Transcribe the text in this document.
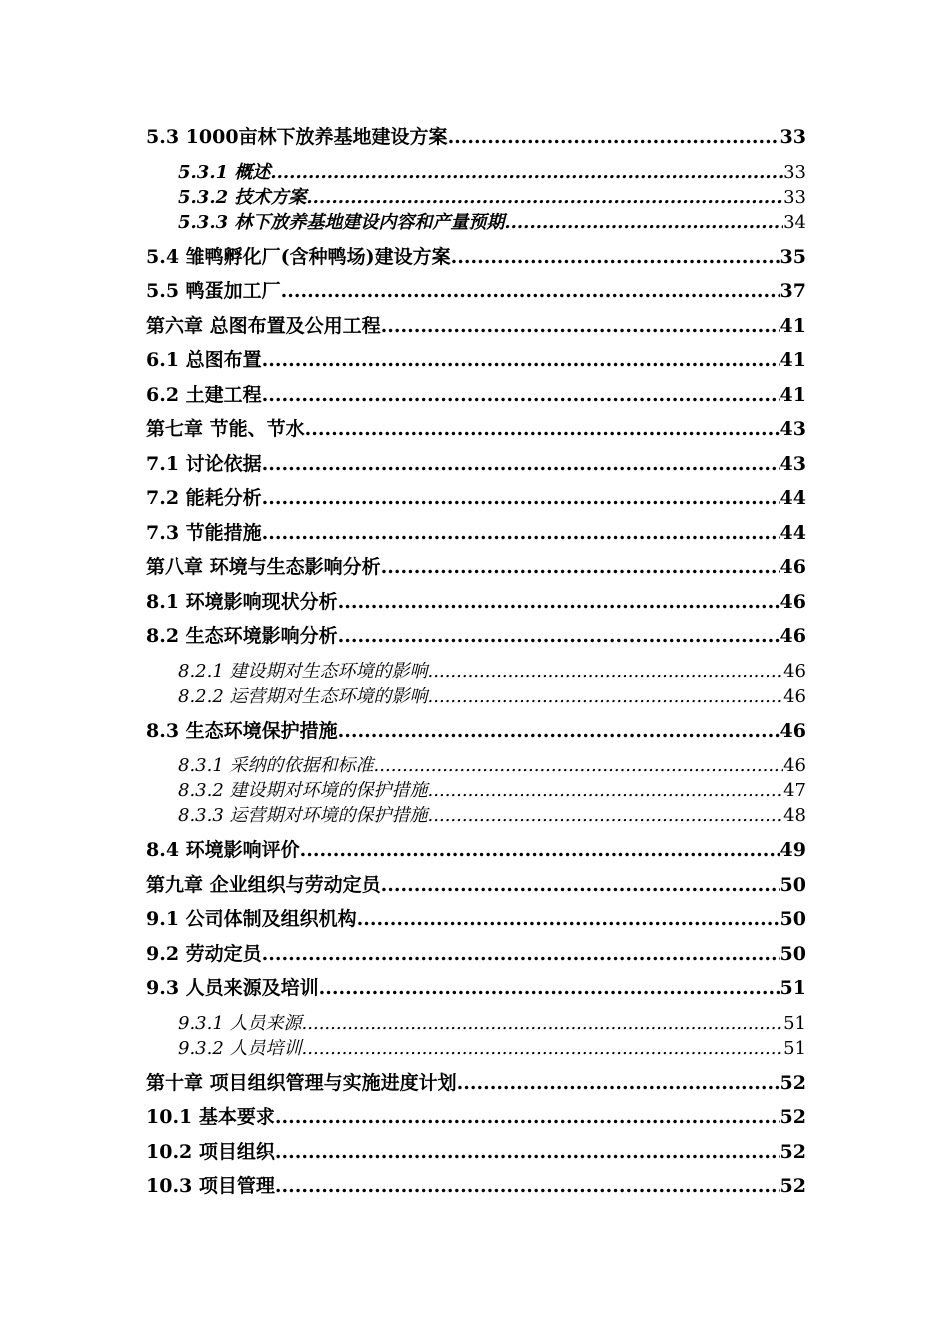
5.3 1000亩林下放养基地建设方案 .....	33
5.3.1 概述 .....	33
5.3.2 技术方案 .....	33
5.3.3 林下放养基地建设内容和产量预期 .....	34
5.4 雏鸭孵化厂(含种鸭场)建设方案 .....	35
5.5 鸭蛋加工厂 .....	37
第六章 总图布置及公用工程 .....	41
6.1 总图布置 .....	41
6.2 土建工程 .....	41
第七章 节能、节水 .....	43
7.1 讨论依据 .....	43
7.2 能耗分析 .....	44
7.3 节能措施 .....	44
第八章 环境与生态影响分析 .....	46
8.1 环境影响现状分析 .....	46
8.2 生态环境影响分析 .....	46
8.2.1 建设期对生态环境的影响 .....	46
8.2.2 运营期对生态环境的影响 .....	46
8.3 生态环境保护措施 .....	46
8.3.1 采纳的依据和标准 .....	46
8.3.2 建设期对环境的保护措施 .....	47
8.3.3 运营期对环境的保护措施 .....	48
8.4 环境影响评价 .....	49
第九章 企业组织与劳动定员 .....	50
9.1 公司体制及组织机构 .....	50
9.2 劳动定员 .....	50
9.3 人员来源及培训 .....	51
9.3.1 人员来源 .....	51
9.3.2 人员培训 .....	51
第十章 项目组织管理与实施进度计划 .....	52
10.1 基本要求 .....	52
10.2 项目组织 .....	52
10.3 项目管理 .....	52
